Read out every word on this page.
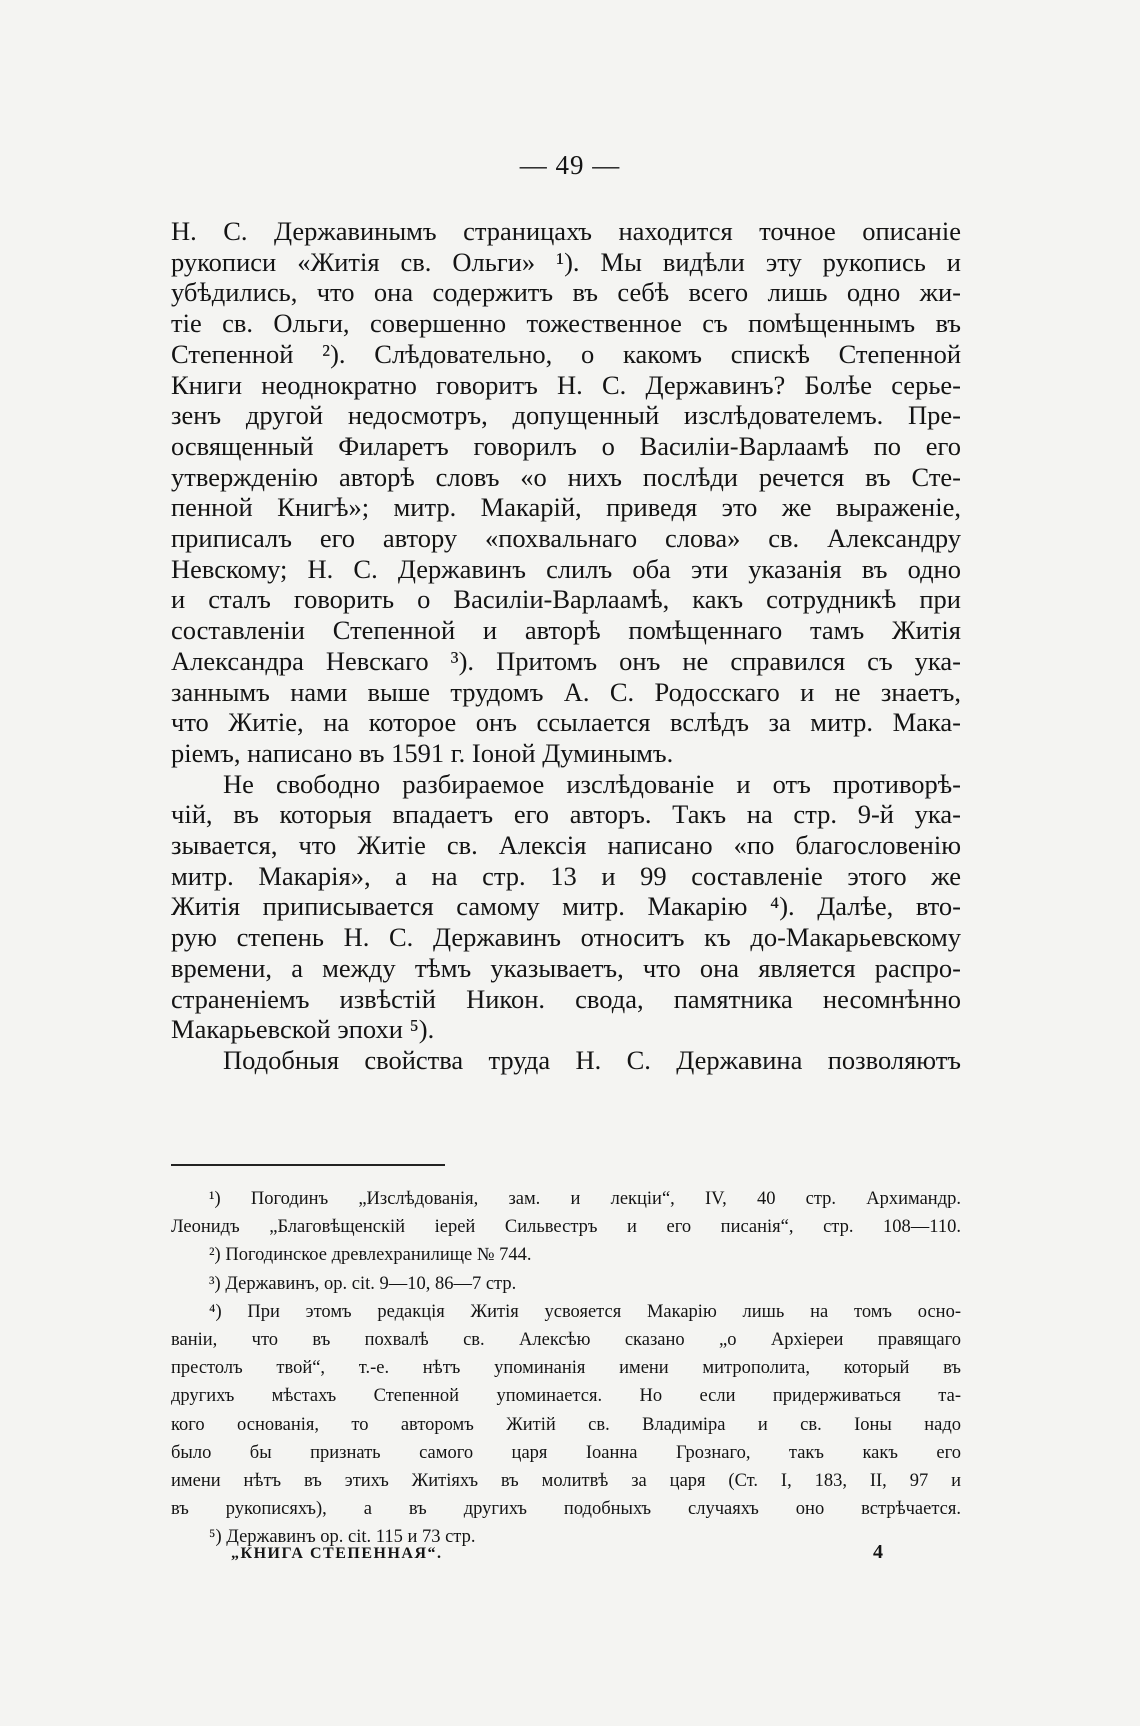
— 49 —
Н. С. Державинымъ страницахъ находится точное описаніе
рукописи «Житія св. Ольги» ¹). Мы видѣли эту рукопись и
убѣдились, что она содержитъ въ себѣ всего лишь одно жи-
тіе св. Ольги, совершенно тожественное съ помѣщеннымъ въ
Степенной ²). Слѣдовательно, о какомъ спискѣ Степенной
Книги неоднократно говоритъ Н. С. Державинъ? Болѣе серье-
зенъ другой недосмотръ, допущенный изслѣдователемъ. Пре-
освященный Филаретъ говорилъ о Василіи-Варлаамѣ по его
утвержденію авторѣ словъ «о нихъ послѣди речется въ Сте-
пенной Книгѣ»; митр. Макарій, приведя это же выраженіе,
приписалъ его автору «похвальнаго слова» св. Александру
Невскому; Н. С. Державинъ слилъ оба эти указанія въ одно
и сталъ говорить о Василіи-Варлаамѣ, какъ сотрудникѣ при
составленіи Степенной и авторѣ помѣщеннаго тамъ Житія
Александра Невскаго ³). Притомъ онъ не справился съ ука-
заннымъ нами выше трудомъ А. С. Родосскаго и не знаетъ,
что Житіе, на которое онъ ссылается вслѣдъ за митр. Мака-
ріемъ, написано въ 1591 г. Іоной Думинымъ.
Не свободно разбираемое изслѣдованіе и отъ противорѣ-
чій, въ которыя впадаетъ его авторъ. Такъ на стр. 9-й ука-
зывается, что Житіе св. Алексія написано «по благословенію
митр. Макарія», а на стр. 13 и 99 составленіе этого же
Житія приписывается самому митр. Макарію ⁴). Далѣе, вто-
рую степень Н. С. Державинъ относитъ къ до-Макарьевскому
времени, а между тѣмъ указываетъ, что она является распро-
страненіемъ извѣстій Никон. свода, памятника несомнѣнно
Макарьевской эпохи ⁵).
Подобныя свойства труда Н. С. Державина позволяютъ
¹) Погодинъ „Изслѣдованія, зам. и лекціи“, IV, 40 стр. Архимандр.
Леонидъ „Благовѣщенскій іерей Сильвестръ и его писанія“, стр. 108—110.
²) Погодинское древлехранилище № 744.
³) Державинъ, op. cit. 9—10, 86—7 стр.
⁴) При этомъ редакція Житія усвояется Макарію лишь на томъ осно-
ваніи, что въ похвалѣ св. Алексѣю сказано „о Архіереи правящаго
престолъ твой“, т.-е. нѣтъ упоминанія имени митрополита, который въ
другихъ мѣстахъ Степенной упоминается. Но если придерживаться та-
кого основанія, то авторомъ Житій св. Владиміра и св. Іоны надо
было бы признать самого царя Іоанна Грознаго, такъ какъ его
имени нѣтъ въ этихъ Житіяхъ въ молитвѣ за царя (Ст. I, 183, II, 97 и
въ рукописяхъ), а въ другихъ подобныхъ случаяхъ оно встрѣчается.
⁵) Державинъ op. cit. 115 и 73 стр.
„КНИГА СТЕПЕННАЯ“.	4
